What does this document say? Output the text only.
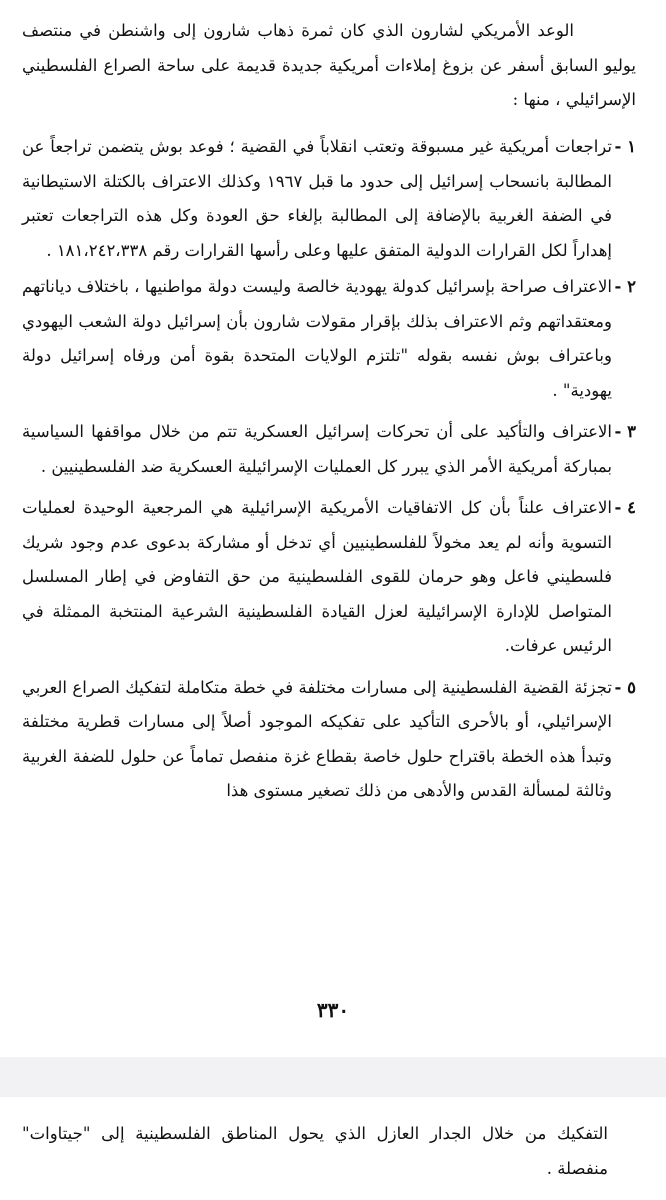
الوعد الأمريكي لشارون الذي كان ثمرة ذهاب شارون إلى واشنطن في منتصف يوليو السابق أسفر عن بزوغ إملاءات أمريكية جديدة قديمة على ساحة الصراع الفلسطيني الإسرائيلي ، منها :
١ -

تراجعات أمريكية غير مسبوقة وتعتب انقلاباً في القضية ؛ فوعد بوش يتضمن تراجعاً عن المطالبة بانسحاب إسرائيل إلى حدود ما قبل ١٩٦٧ وكذلك الاعتراف بالكتلة الاستيطانية في الضفة الغربية بالإضافة إلى المطالبة بإلغاء حق العودة وكل هذه التراجعات تعتبر إهداراً لكل القرارات الدولية المتفق عليها وعلى رأسها القرارات رقم ١٨١،٢٤٢،٣٣٨ .

٢ -

الاعتراف صراحة بإسرائيل كدولة يهودية خالصة وليست دولة مواطنيها ، باختلاف دياناتهم ومعتقداتهم وثم الاعتراف بذلك بإقرار مقولات شارون بأن إسرائيل دولة الشعب اليهودي وباعتراف بوش نفسه بقوله "تلتزم الولايات المتحدة بقوة أمن ورفاه إسرائيل دولة يهودية" .

٣ -

الاعتراف والتأكيد على أن تحركات إسرائيل العسكرية تتم من خلال مواقفها السياسية بمباركة أمريكية الأمر الذي يبرر كل العمليات الإسرائيلية العسكرية ضد الفلسطينيين .

٤ -

الاعتراف علناً بأن كل الاتفاقيات الأمريكية الإسرائيلية هي المرجعية الوحيدة لعمليات التسوية وأنه لم يعد مخولاً للفلسطينيين أي تدخل أو مشاركة بدعوى عدم وجود شريك فلسطيني فاعل وهو حرمان للقوى الفلسطينية من حق التفاوض في إطار المسلسل المتواصل للإدارة الإسرائيلية لعزل القيادة الفلسطينية الشرعية المنتخبة الممثلة في الرئيس عرفات.

٥ -

تجزئة القضية الفلسطينية إلى مسارات مختلفة في خطة متكاملة لتفكيك الصراع العربي الإسرائيلي، أو بالأحرى التأكيد على تفكيكه الموجود أصلاً إلى مسارات قطرية مختلفة وتبدأ هذه الخطة باقتراح حلول خاصة بقطاع غزة منفصل تماماً عن حلول للضفة الغربية وثالثة لمسألة القدس والأدهى من ذلك تصغير مستوى هذا

٣٣٠
التفكيك من خلال الجدار العازل الذي يحول المناطق الفلسطينية إلى "جيتاوات" منفصلة .
